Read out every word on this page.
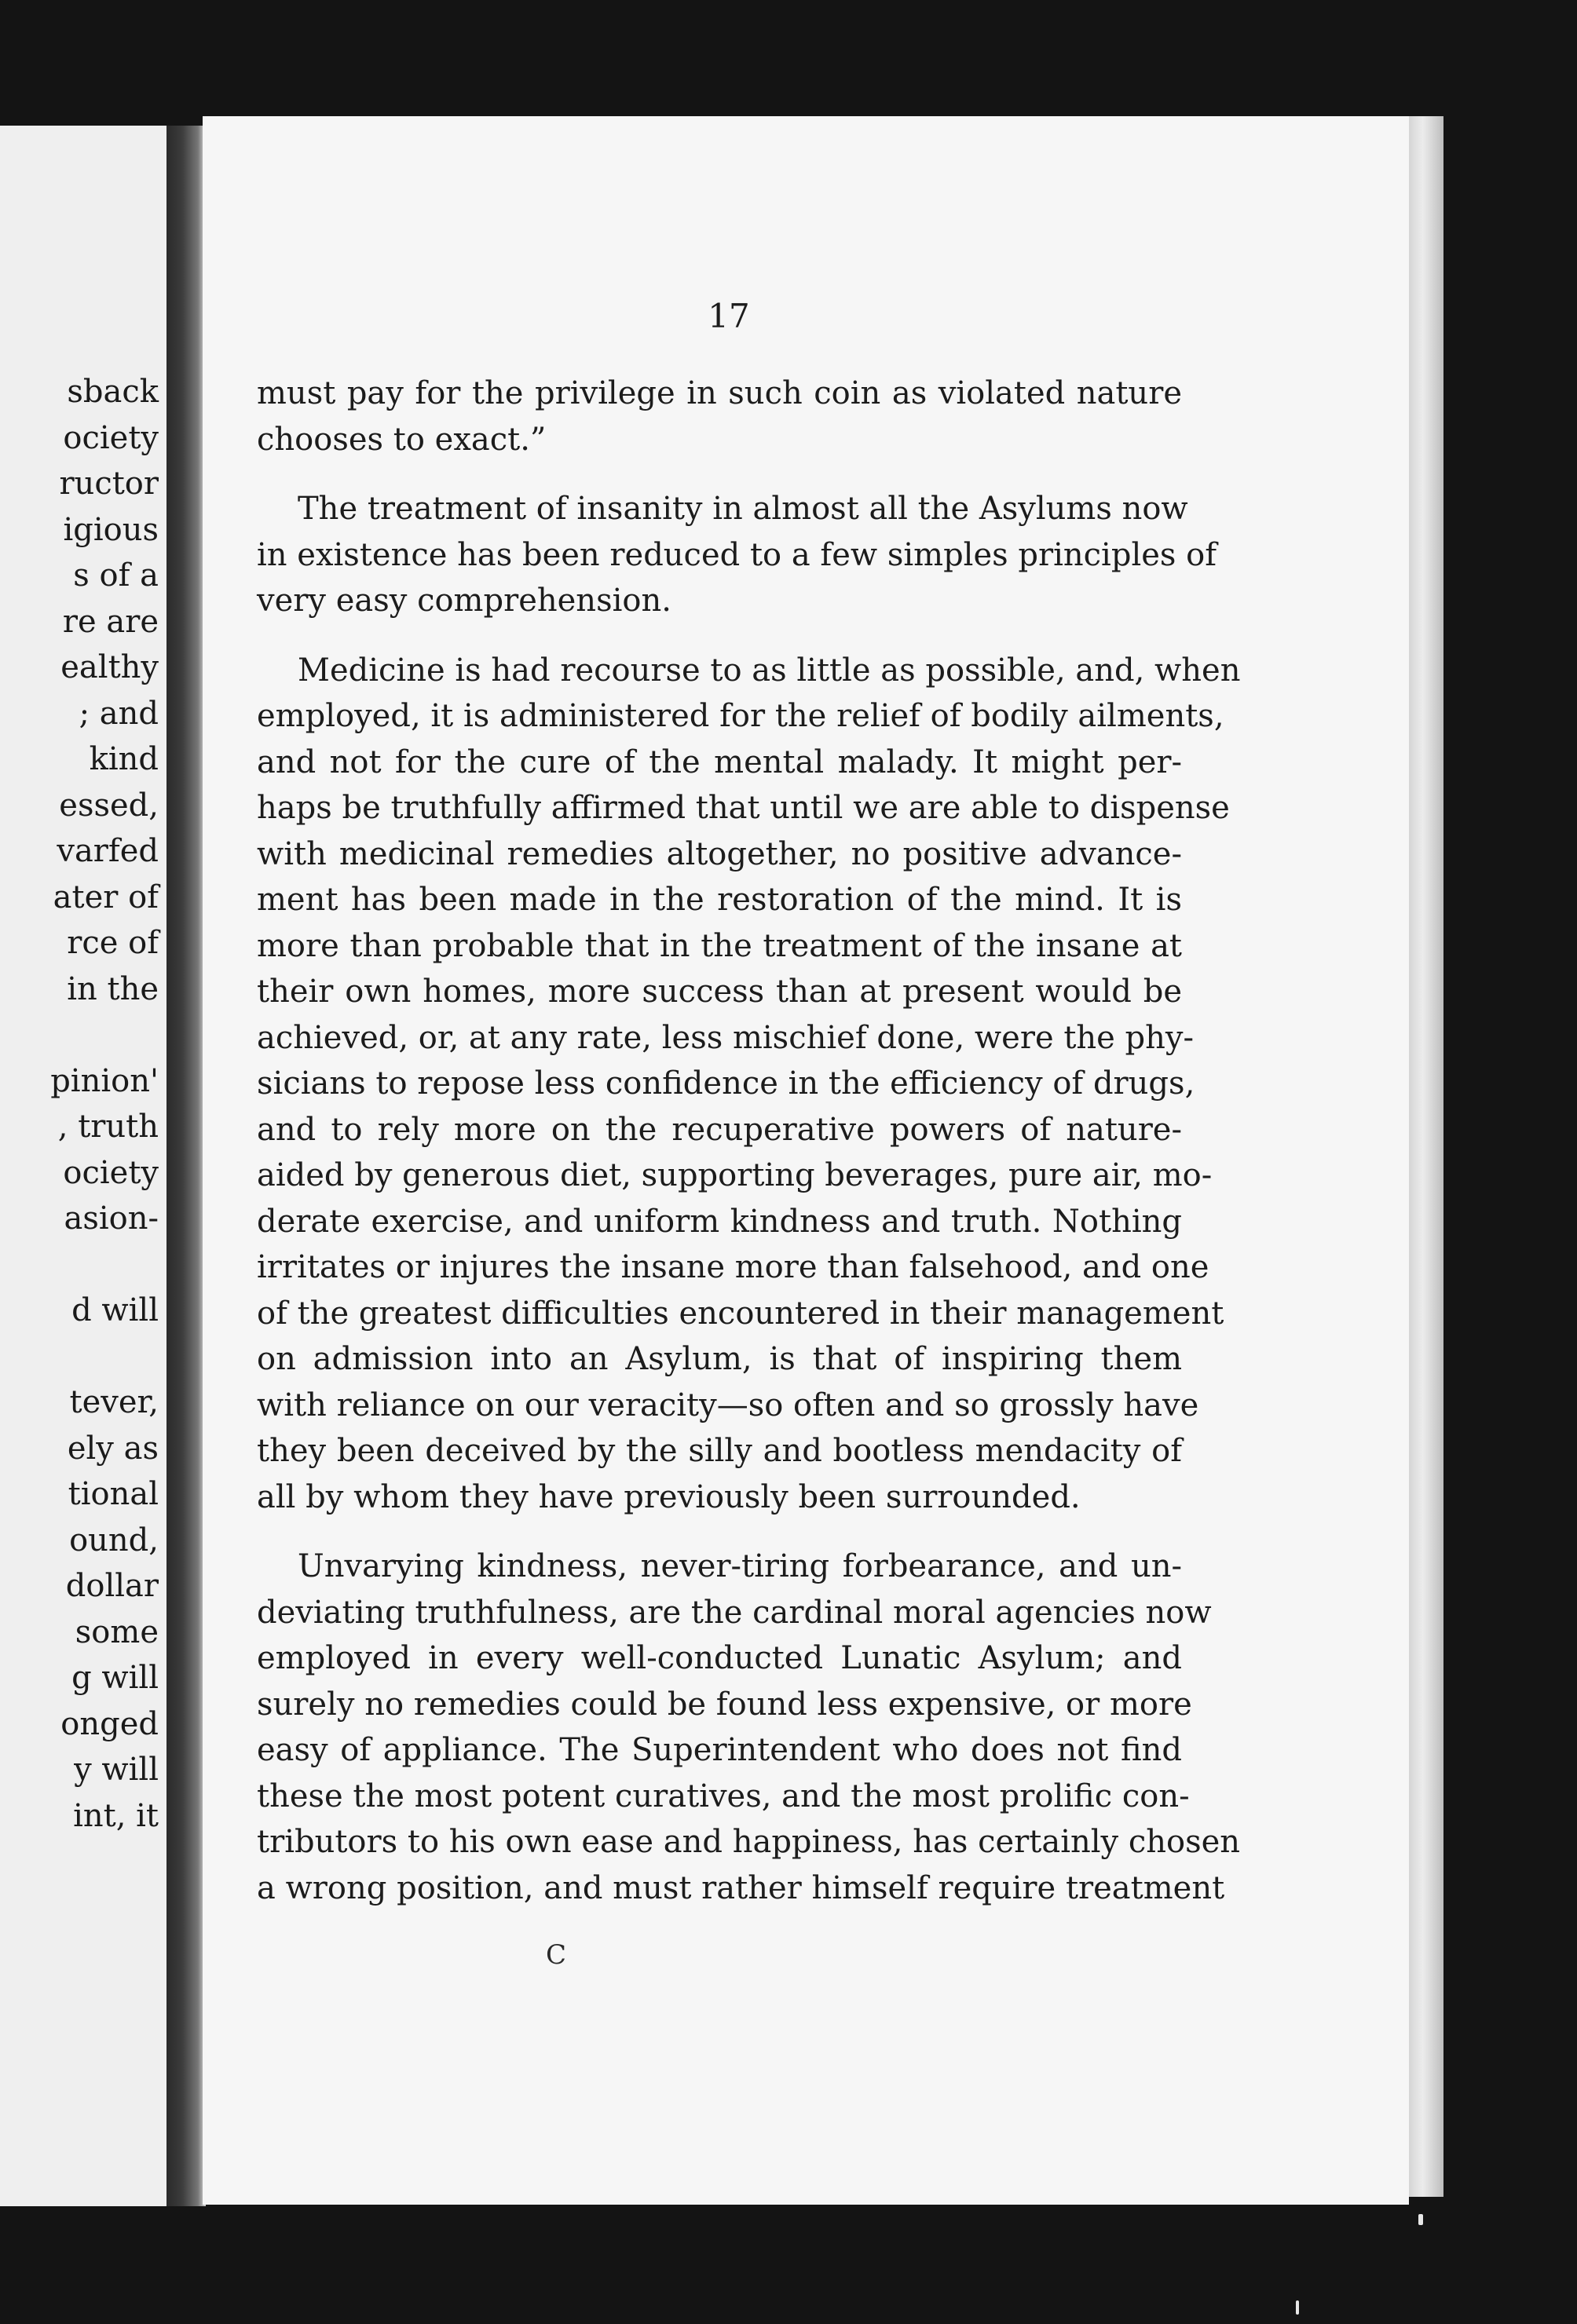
sback
ociety
ructor
igious
s of a
re are
ealthy
; and
kind
essed,
varfed
ater of
rce of
in the
pinion'
, truth
ociety
asion-
d will
tever,
ely as
tional
ound,
dollar
some
g will
onged
y will
int, it
17
must pay for the privilege in such coin as violated nature
chooses to exact.”
The treatment of insanity in almost all the Asylums now
in existence has been reduced to a few simples principles of
very easy comprehension.
Medicine is had recourse to as little as possible, and, when
employed, it is administered for the relief of bodily ailments,
and not for the cure of the mental malady. It might per-
haps be truthfully affirmed that until we are able to dispense
with medicinal remedies altogether, no positive advance-
ment has been made in the restoration of the mind. It is
more than probable that in the treatment of the insane at
their own homes, more success than at present would be
achieved, or, at any rate, less mischief done, were the phy-
sicians to repose less confidence in the efficiency of drugs,
and to rely more on the recuperative powers of nature-
aided by generous diet, supporting beverages, pure air, mo-
derate exercise, and uniform kindness and truth. Nothing
irritates or injures the insane more than falsehood, and one
of the greatest difficulties encountered in their management
on admission into an Asylum, is that of inspiring them
with reliance on our veracity—so often and so grossly have
they been deceived by the silly and bootless mendacity of
all by whom they have previously been surrounded.
Unvarying kindness, never-tiring forbearance, and un-
deviating truthfulness, are the cardinal moral agencies now
employed in every well-conducted Lunatic Asylum; and
surely no remedies could be found less expensive, or more
easy of appliance. The Superintendent who does not find
these the most potent curatives, and the most prolific con-
tributors to his own ease and happiness, has certainly chosen
a wrong position, and must rather himself require treatment
C
